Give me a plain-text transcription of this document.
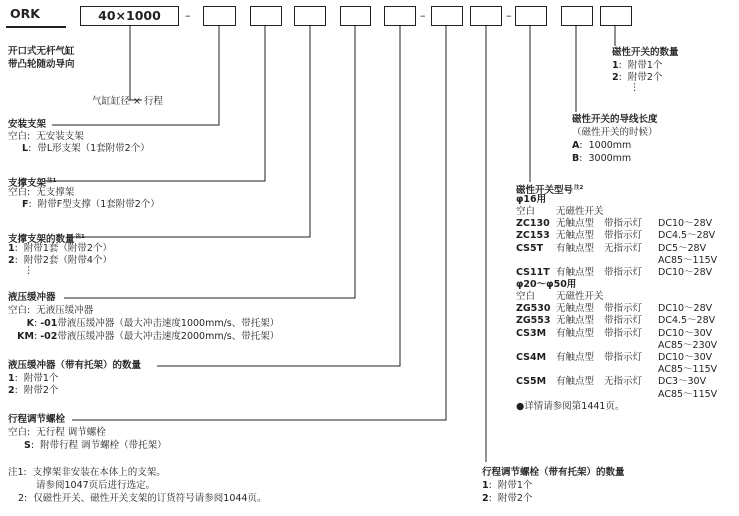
ORK	40×1000	–	–	–
开口式无杆气缸
带凸轮随动导向
气缸缸径 × 行程
安装支架
空白:  无安装支架
L:  带L形支架（1套附带2个）
支撑支架$^{注1}$
空白:  无支撑架
F:  附带F型支撑（1套附带2个）
支撑支架的数量$^{注1}$
1:  附带1套（附带2个）
2:  附带2套（附带4个）
⋮
液压缓冲器
空白:  无液压缓冲器
K: -01带液压缓冲器（最大冲击速度1000mm/s、带托架）
KM: -02带液压缓冲器（最大冲击速度2000mm/s、带托架）
液压缓冲器（带有托架）的数量
1:  附带1个
2:  附带2个
行程调节螺栓
空白:  无行程 调节螺栓
S:  附带行程 调节螺栓（带托架）
注1: 支撑架非安装在本体上的支架。
请参阅1047页后进行选定。
2: 仅磁性开关、磁性开关支架的订货符号请参阅1044页。
行程调节螺栓（带有托架）的数量
1:  附带1个
2:  附带2个
磁性开关的数量
1:  附带1个
2:  附带2个
⋮
磁性开关的导线长度
（磁性开关的时候）
A:  1000mm
B:  3000mm
磁性开关型号$^{注2}$
φ16用
空白 无磁性开关
ZC130 无触点型 带指示灯 DC10～28V
ZC153 无触点型 带指示灯 DC4.5～28V
CS5T 有触点型 无指示灯 DC5～28V
AC85～115V
CS11T 有触点型 带指示灯 DC10～28V
φ20～φ50用
空白 无磁性开关
ZG530 无触点型 带指示灯 DC10～28V
ZG553 无触点型 带指示灯 DC4.5～28V
CS3M 有触点型 带指示灯 DC10～30V
AC85～230V
CS4M 有触点型 带指示灯 DC10～30V
AC85～115V
CS5M 有触点型 无指示灯 DC3～30V
AC85～115V
●详情请参阅第1441页。
